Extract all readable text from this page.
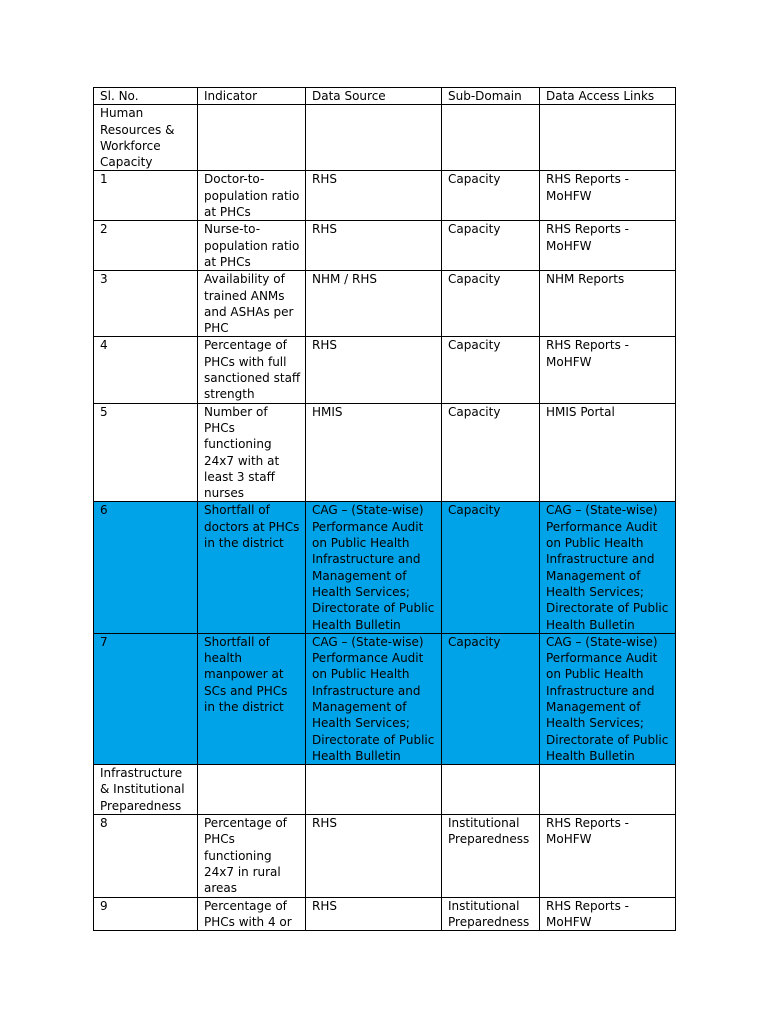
Sl. No.	Indicator	Data Source	Sub-Domain	Data Access Links
Human Resources & Workforce Capacity				
1	Doctor-to-population ratio at PHCs	RHS	Capacity	RHS Reports - MoHFW
2	Nurse-to-population ratio at PHCs	RHS	Capacity	RHS Reports - MoHFW
3	Availability of trained ANMs and ASHAs per PHC	NHM / RHS	Capacity	NHM Reports
4	Percentage of PHCs with full sanctioned staff strength	RHS	Capacity	RHS Reports - MoHFW
5	Number of PHCs functioning 24x7 with at least 3 staff nurses	HMIS	Capacity	HMIS Portal
6	Shortfall of doctors at PHCs in the district	CAG – (State-wise) Performance Audit on Public Health Infrastructure and Management of Health Services; Directorate of Public Health Bulletin	Capacity	CAG – (State-wise) Performance Audit on Public Health Infrastructure and Management of Health Services; Directorate of Public Health Bulletin
7	Shortfall of health manpower at SCs and PHCs in the district	CAG – (State-wise) Performance Audit on Public Health Infrastructure and Management of Health Services; Directorate of Public Health Bulletin	Capacity	CAG – (State-wise) Performance Audit on Public Health Infrastructure and Management of Health Services; Directorate of Public Health Bulletin
Infrastructure & Institutional Preparedness				
8	Percentage of PHCs functioning 24x7 in rural areas	RHS	Institutional Preparedness	RHS Reports - MoHFW
9	Percentage of PHCs with 4 or	RHS	Institutional Preparedness	RHS Reports - MoHFW
